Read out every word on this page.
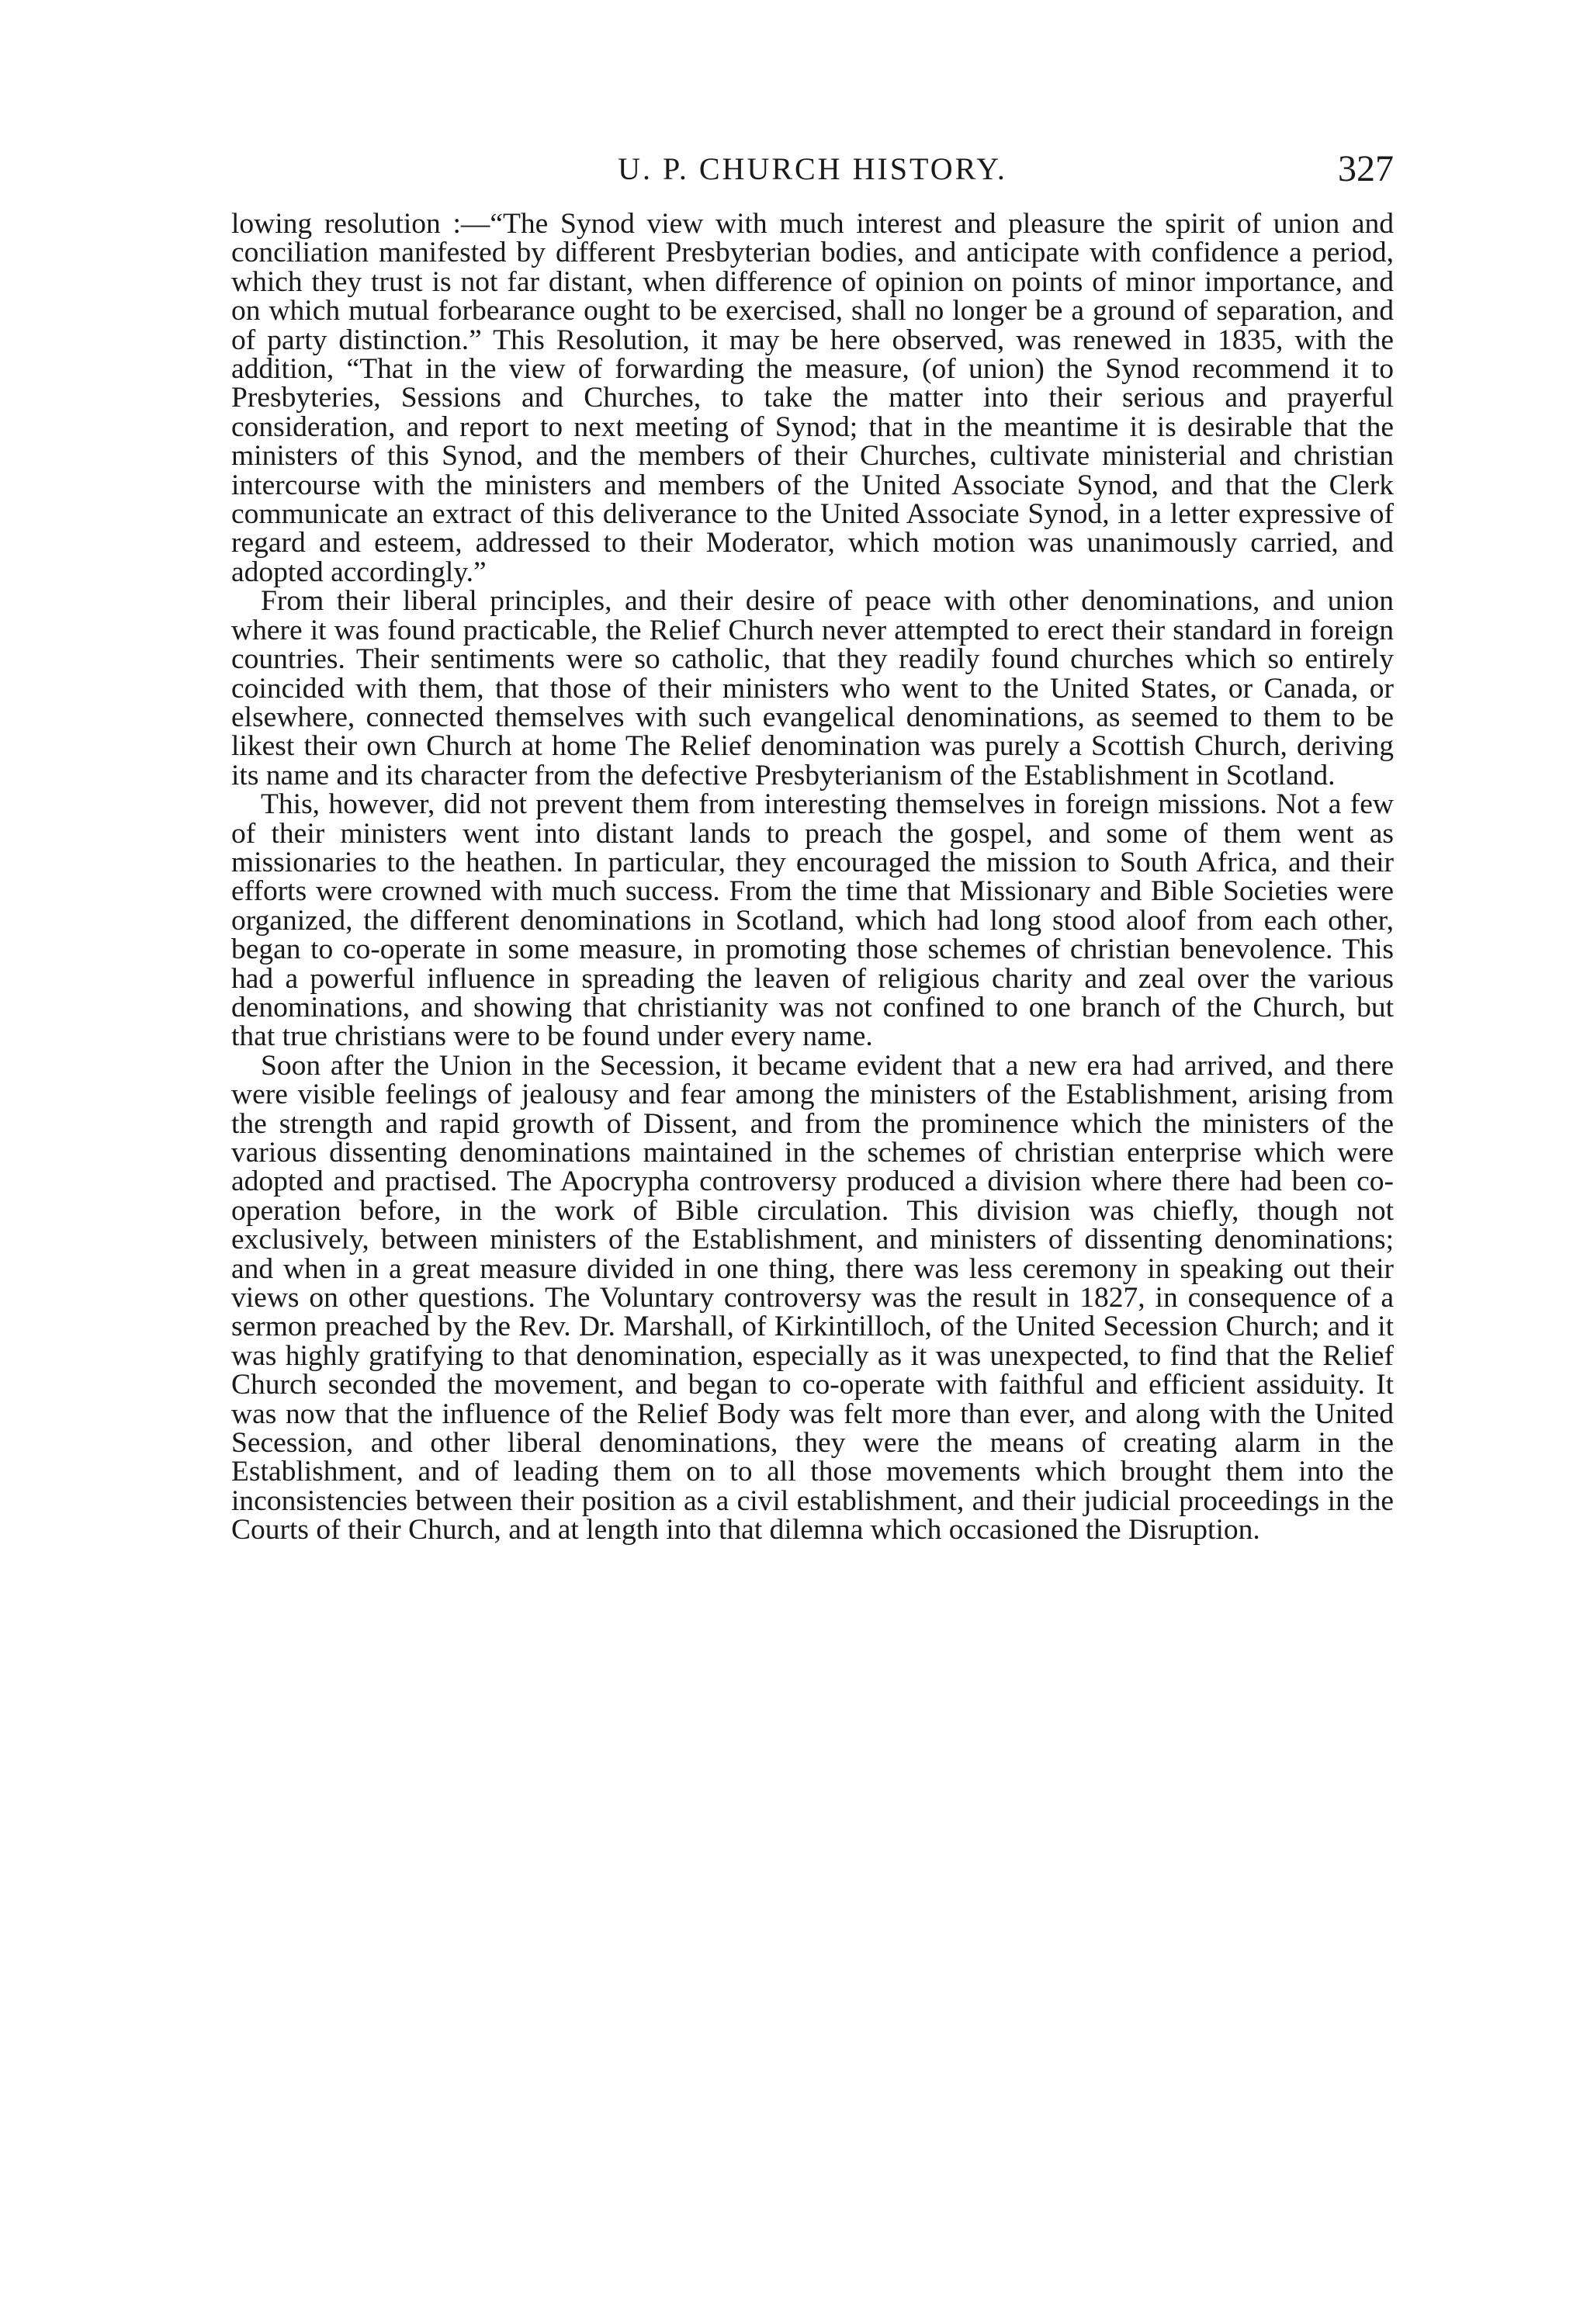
U. P. CHURCH HISTORY.	327

lowing resolution :—“The Synod view with much interest and pleasure the spirit of union and conciliation manifested by different Presbyterian bodies, and anticipate with confidence a period, which they trust is not far distant, when difference of opinion on points of minor importance, and on which mutual forbearance ought to be exercised, shall no longer be a ground of separation, and of party distinction.” This Resolution, it may be here observed, was renewed in 1835, with the addition, “That in the view of forwarding the measure, (of union) the Synod recommend it to Presbyteries, Sessions and Churches, to take the matter into their serious and prayerful consideration, and report to next meeting of Synod; that in the meantime it is desirable that the ministers of this Synod, and the members of their Churches, cultivate ministerial and christian intercourse with the ministers and members of the United Associate Synod, and that the Clerk communicate an extract of this deliverance to the United Associate Synod, in a letter expressive of regard and esteem, addressed to their Moderator, which motion was unanimously carried, and adopted accordingly.”

From their liberal principles, and their desire of peace with other denominations, and union where it was found practicable, the Relief Church never attempted to erect their standard in foreign countries. Their sentiments were so catholic, that they readily found churches which so entirely coincided with them, that those of their ministers who went to the United States, or Canada, or elsewhere, connected themselves with such evangelical denominations, as seemed to them to be likest their own Church at home The Relief denomination was purely a Scottish Church, deriving its name and its character from the defective Presbyterianism of the Establishment in Scotland.

This, however, did not prevent them from interesting themselves in foreign missions. Not a few of their ministers went into distant lands to preach the gospel, and some of them went as missionaries to the heathen. In particular, they encouraged the mission to South Africa, and their efforts were crowned with much success. From the time that Missionary and Bible Societies were organized, the different denominations in Scotland, which had long stood aloof from each other, began to co-operate in some measure, in promoting those schemes of christian benevolence. This had a powerful influence in spreading the leaven of religious charity and zeal over the various denominations, and showing that christianity was not confined to one branch of the Church, but that true christians were to be found under every name.

Soon after the Union in the Secession, it became evident that a new era had arrived, and there were visible feelings of jealousy and fear among the ministers of the Establishment, arising from the strength and rapid growth of Dissent, and from the prominence which the ministers of the various dissenting denominations maintained in the schemes of christian enterprise which were adopted and practised. The Apocrypha controversy produced a division where there had been co-operation before, in the work of Bible circulation. This division was chiefly, though not exclusively, between ministers of the Establishment, and ministers of dissenting denominations; and when in a great measure divided in one thing, there was less ceremony in speaking out their views on other questions. The Voluntary controversy was the result in 1827, in consequence of a sermon preached by the Rev. Dr. Marshall, of Kirkintilloch, of the United Secession Church; and it was highly gratifying to that denomination, especially as it was unexpected, to find that the Relief Church seconded the movement, and began to co-operate with faithful and efficient assiduity. It was now that the influence of the Relief Body was felt more than ever, and along with the United Secession, and other liberal denominations, they were the means of creating alarm in the Establishment, and of leading them on to all those movements which brought them into the inconsistencies between their position as a civil establishment, and their judicial proceedings in the Courts of their Church, and at length into that dilemna which occasioned the Disruption.
